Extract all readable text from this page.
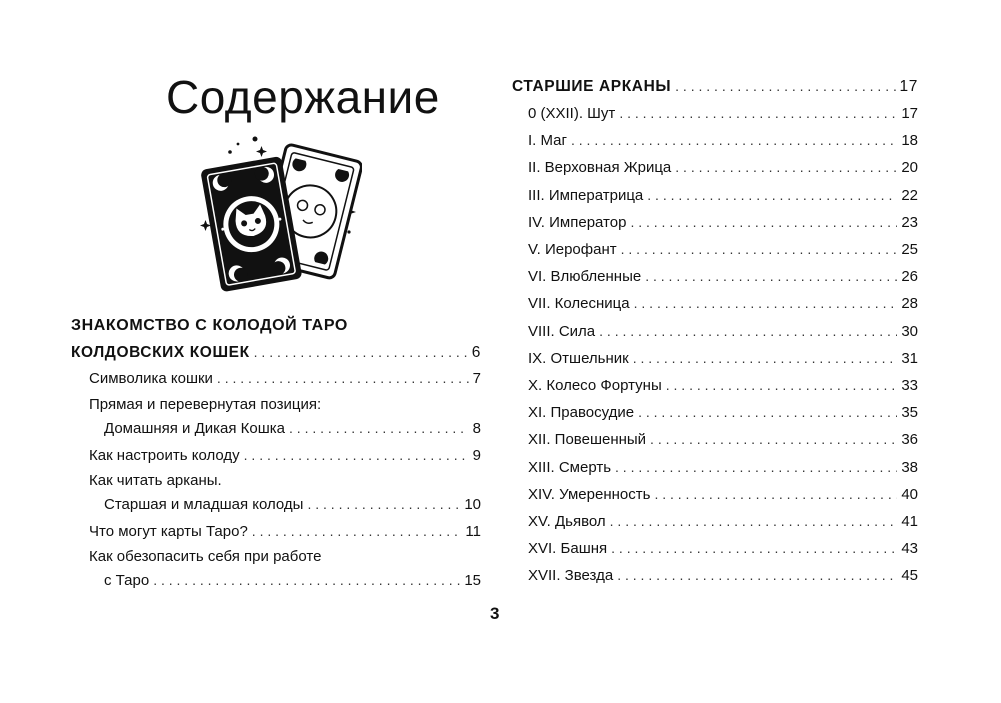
Содержание
ЗНАКОМСТВО С КОЛОДОЙ ТАРО
КОЛДОВСКИХ КОШЕК . . .	6
Символика кошки . . .	7
Прямая и перевернутая позиция:
Домашняя и Дикая Кошка . . .	8
Как настроить колоду . . .	9
Как читать арканы.
Старшая и младшая колоды . . .	10
Что могут карты Таро? . . .	11
Как обезопасить себя при работе
с Таро . . .	15
СТАРШИЕ АРКАНЫ . . .	17
0 (XXII). Шут . . .	17
I. Маг . . .	18
II. Верховная Жрица . . .	20
III. Императрица . . .	22
IV. Император . . .	23
V. Иерофант . . .	25
VI. Влюбленные . . .	26
VII. Колесница . . .	28
VIII. Сила . . .	30
IX. Отшельник . . .	31
X. Колесо Фортуны . . .	33
XI. Правосудие . . .	35
XII. Повешенный . . .	36
XIII. Смерть . . .	38
XIV. Умеренность . . .	40
XV. Дьявол . . .	41
XVI. Башня . . .	43
XVII. Звезда . . .	45
3
